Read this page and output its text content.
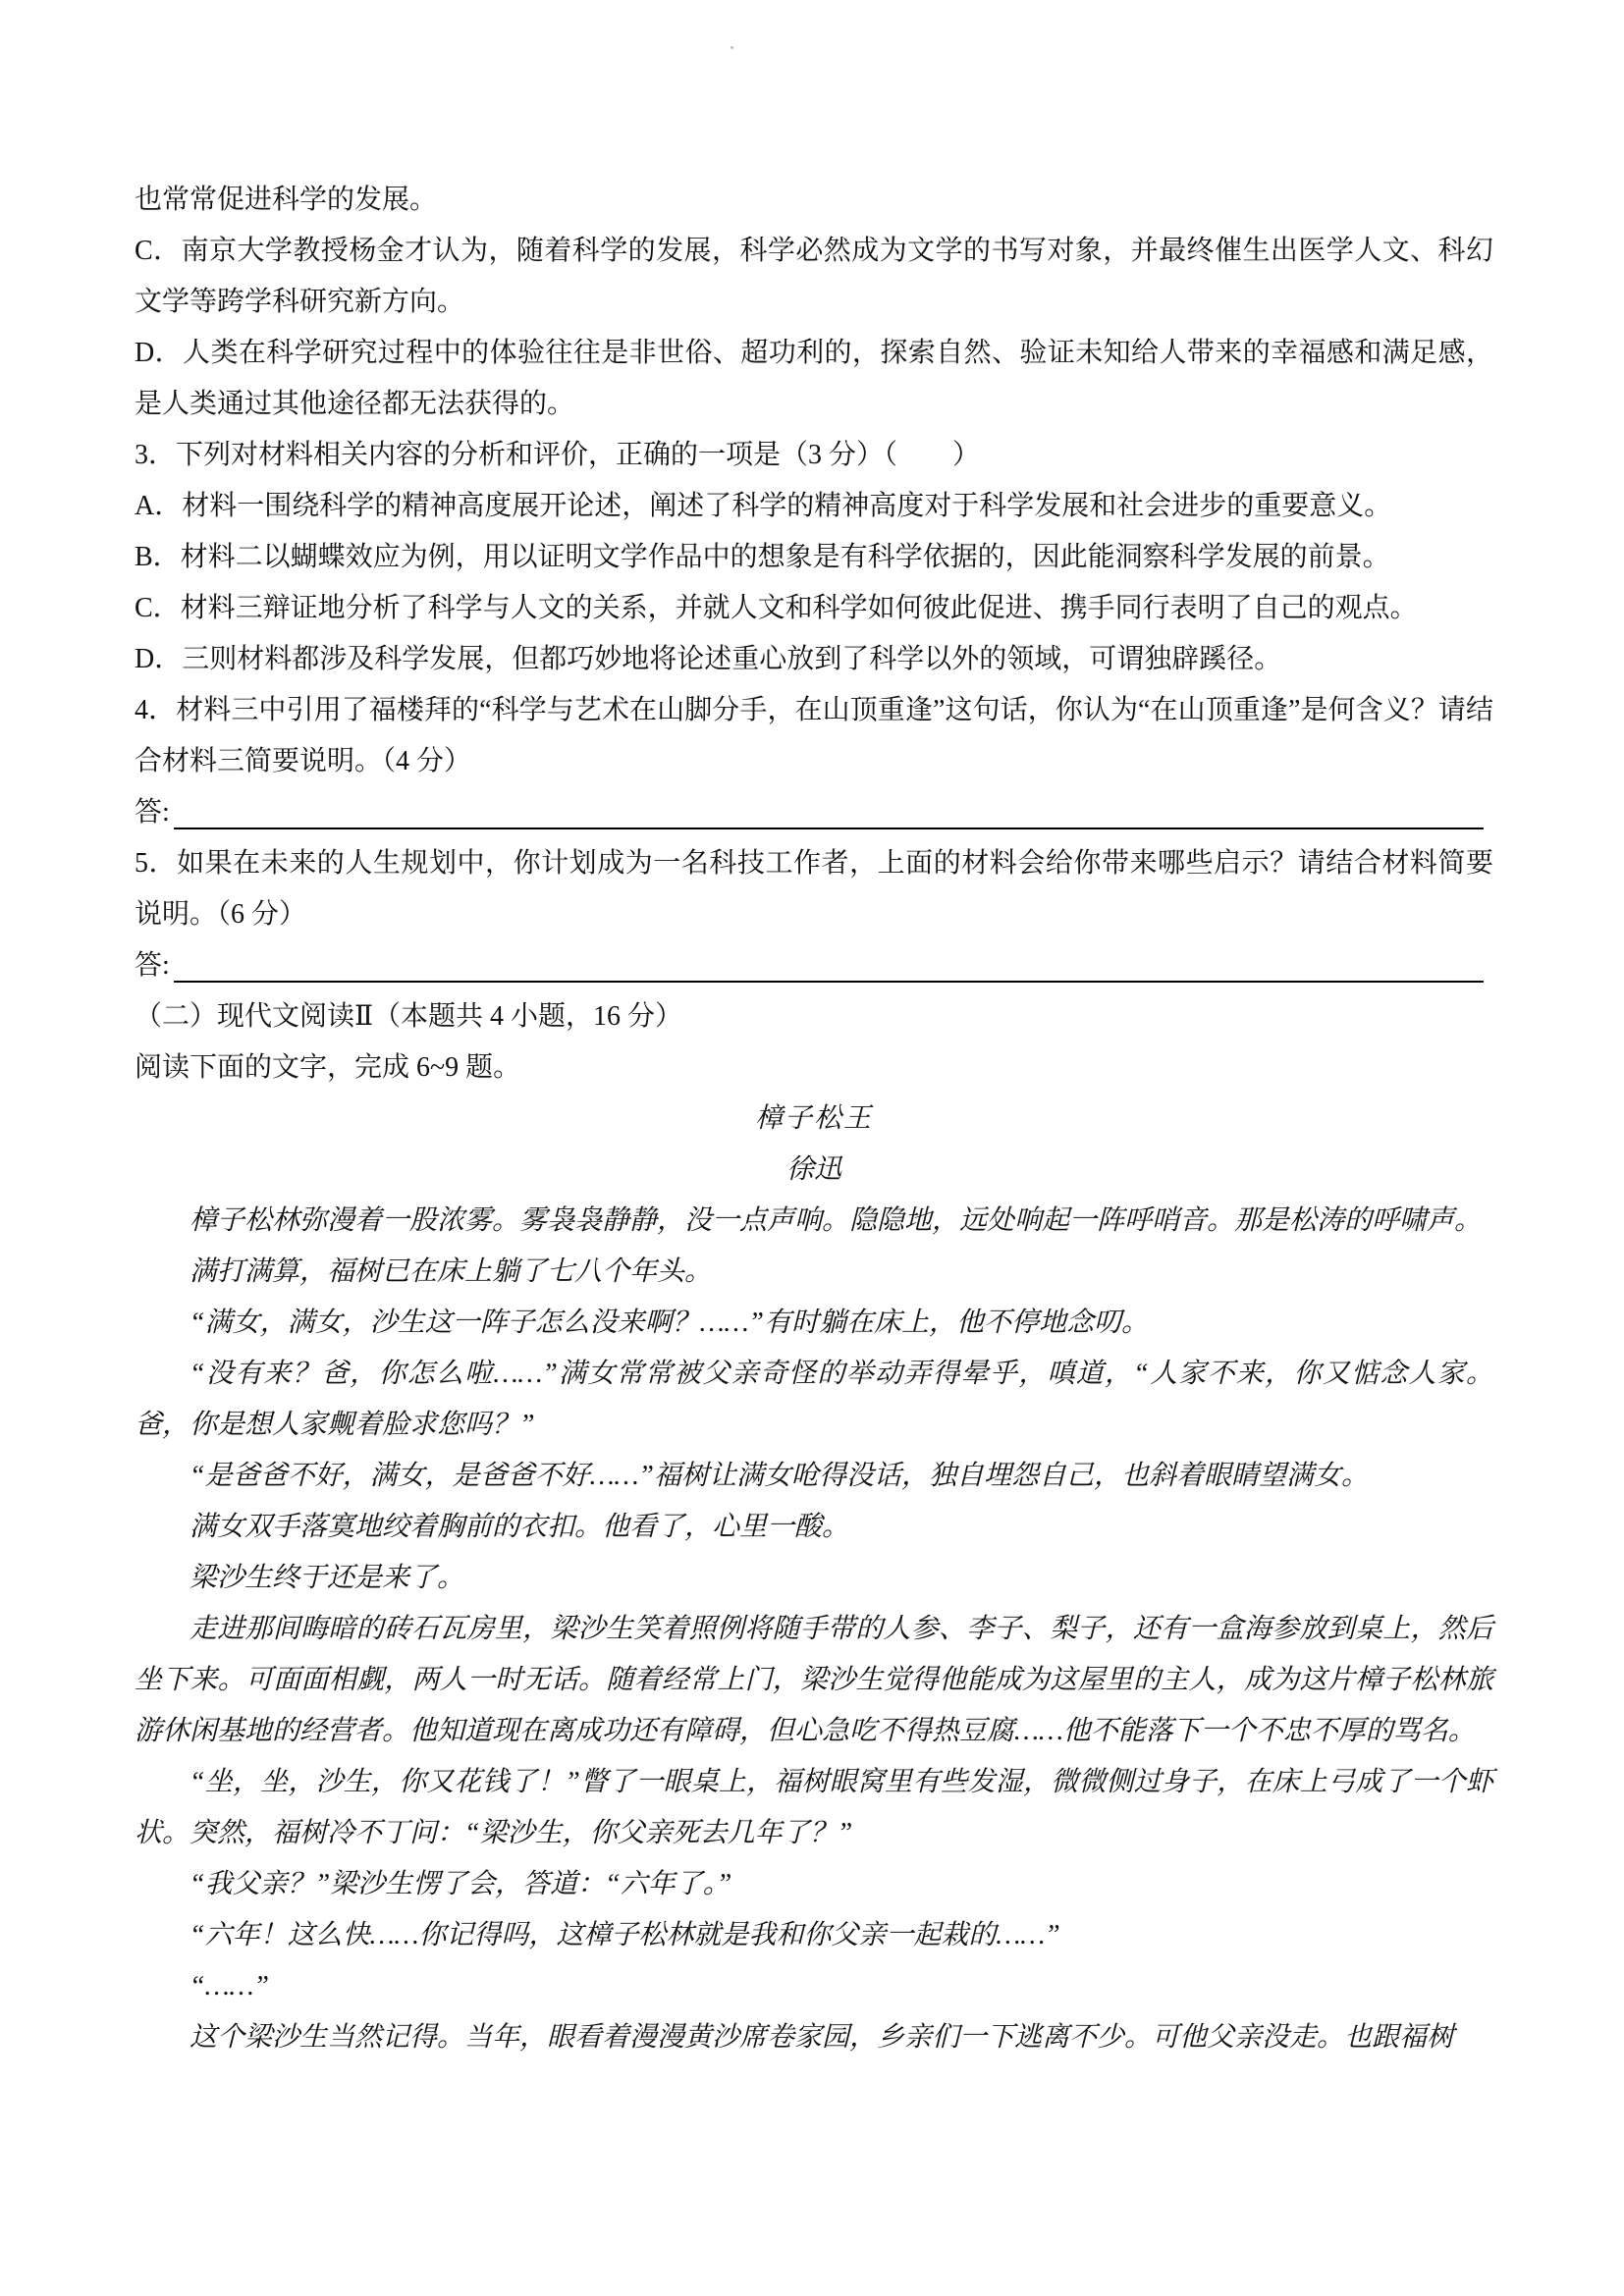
也常常促进科学的发展。

C．南京大学教授杨金才认为，随着科学的发展，科学必然成为文学的书写对象，并最终催生出医学人文、科幻文学等跨学科研究新方向。

D．人类在科学研究过程中的体验往往是非世俗、超功利的，探索自然、验证未知给人带来的幸福感和满足感，是人类通过其他途径都无法获得的。

3．下列对材料相关内容的分析和评价，正确的一项是（3 分）（　　）

A．材料一围绕科学的精神高度展开论述，阐述了科学的精神高度对于科学发展和社会进步的重要意义。

B．材料二以蝴蝶效应为例，用以证明文学作品中的想象是有科学依据的，因此能洞察科学发展的前景。

C．材料三辩证地分析了科学与人文的关系，并就人文和科学如何彼此促进、携手同行表明了自己的观点。

D．三则材料都涉及科学发展，但都巧妙地将论述重心放到了科学以外的领域，可谓独辟蹊径。

4．材料三中引用了福楼拜的“科学与艺术在山脚分手，在山顶重逢”这句话，你认为“在山顶重逢”是何含义？请结合材料三简要说明。（4 分）

答:

5．如果在未来的人生规划中，你计划成为一名科技工作者，上面的材料会给你带来哪些启示？请结合材料简要说明。（6 分）

答:

（二）现代文阅读Ⅱ（本题共 4 小题，16 分）

阅读下面的文字，完成 6~9 题。

樟子松王

徐迅

樟子松林弥漫着一股浓雾。雾袅袅静静，没一点声响。隐隐地，远处响起一阵呼哨音。那是松涛的呼啸声。

满打满算，福树已在床上躺了七八个年头。

“满女，满女，沙生这一阵子怎么没来啊？……”有时躺在床上，他不停地念叨。

“没有来？爸，你怎么啦……”满女常常被父亲奇怪的举动弄得晕乎，嗔道，“人家不来，你又惦念人家。爸，你是想人家觍着脸求您吗？”

“是爸爸不好，满女，是爸爸不好……”福树让满女呛得没话，独自埋怨自己，也斜着眼睛望满女。

满女双手落寞地绞着胸前的衣扣。他看了，心里一酸。

梁沙生终于还是来了。

走进那间晦暗的砖石瓦房里，梁沙生笑着照例将随手带的人参、李子、梨子，还有一盒海参放到桌上，然后坐下来。可面面相觑，两人一时无话。随着经常上门，梁沙生觉得他能成为这屋里的主人，成为这片樟子松林旅游休闲基地的经营者。他知道现在离成功还有障碍，但心急吃不得热豆腐……他不能落下一个不忠不厚的骂名。

“坐，坐，沙生，你又花钱了！”瞥了一眼桌上，福树眼窝里有些发湿，微微侧过身子，在床上弓成了一个虾状。突然，福树冷不丁问：“梁沙生，你父亲死去几年了？”

“我父亲？”梁沙生愣了会，答道：“六年了。”

“六年！这么快……你记得吗，这樟子松林就是我和你父亲一起栽的……”

“……”

这个梁沙生当然记得。当年，眼看着漫漫黄沙席卷家园，乡亲们一下逃离不少。可他父亲没走。也跟福树
